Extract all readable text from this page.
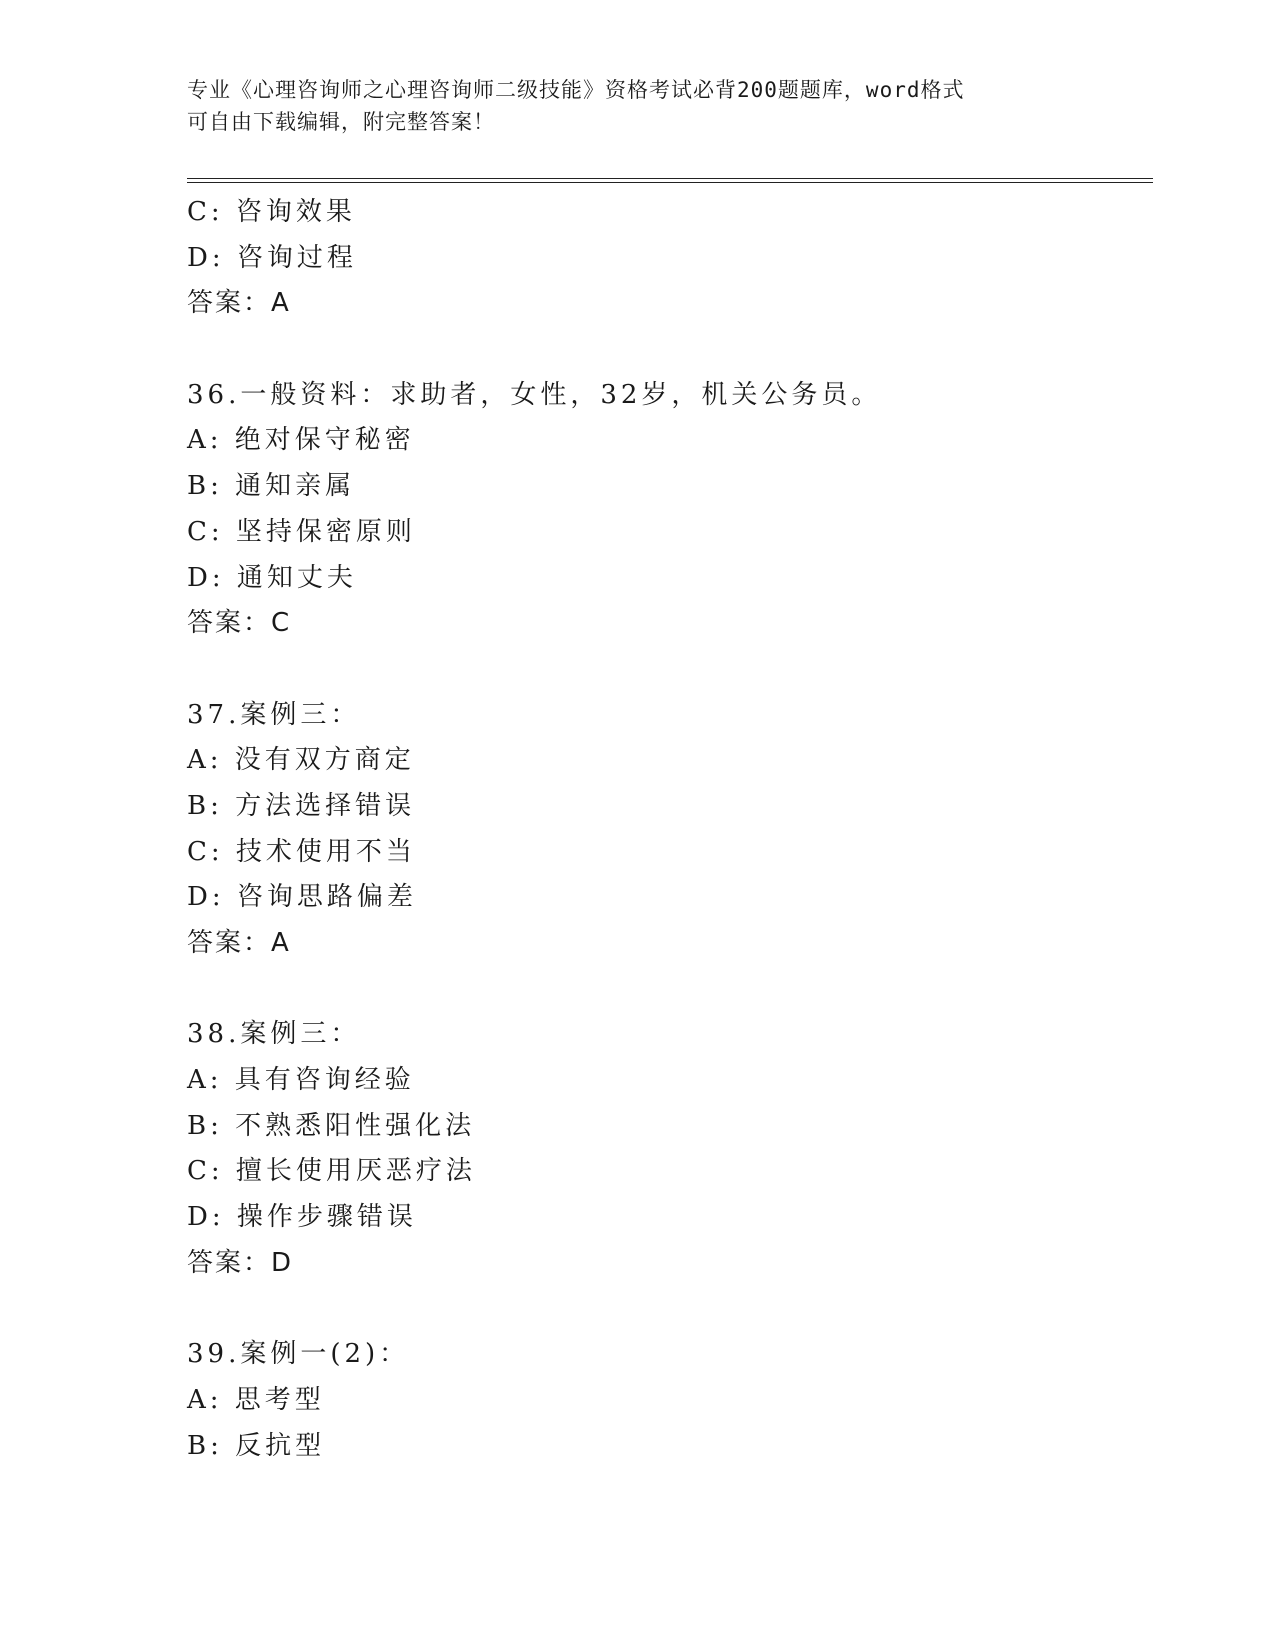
专业《心理咨询师之心理咨询师二级技能》资格考试必背200题题库，word格式
可自由下载编辑，附完整答案！
C: 咨询效果
D: 咨询过程
答案：A
36.一般资料：求助者，女性，32岁，机关公务员。
A: 绝对保守秘密
B: 通知亲属
C: 坚持保密原则
D: 通知丈夫
答案：C
37.案例三：
A: 没有双方商定
B: 方法选择错误
C: 技术使用不当
D: 咨询思路偏差
答案：A
38.案例三：
A: 具有咨询经验
B: 不熟悉阳性强化法
C: 擅长使用厌恶疗法
D: 操作步骤错误
答案：D
39.案例一(2)：
A: 思考型
B: 反抗型
